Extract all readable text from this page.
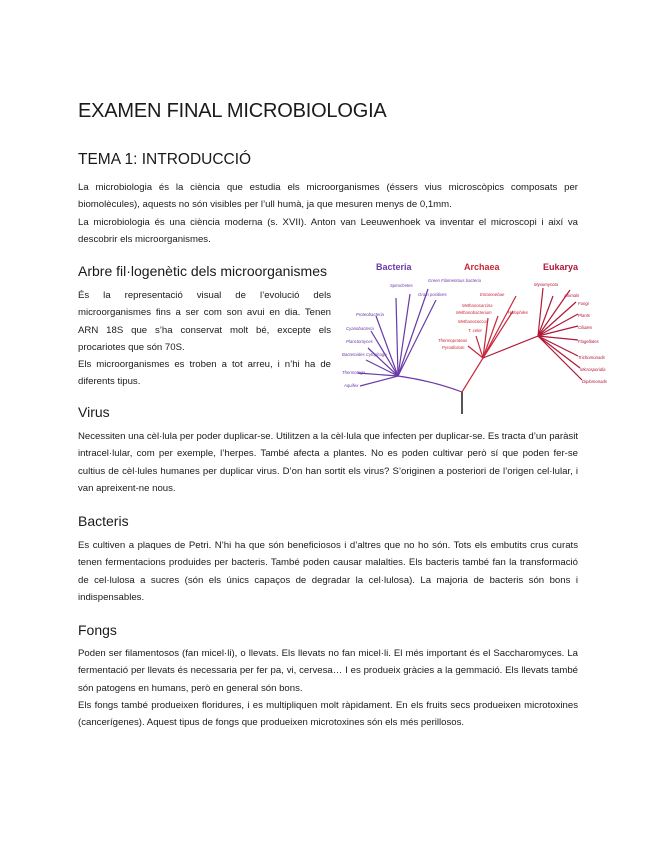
EXAMEN FINAL MICROBIOLOGIA
TEMA 1: INTRODUCCIÓ

La microbiologia és la ciència que estudia els microorganismes (éssers vius microscòpics composats per biomolècules), aquests no són visibles per l’ull humà, ja que mesuren menys de 0,1mm.

La microbiologia és una ciència moderna (s. XVII). Anton van Leeuwenhoek va inventar el microscopi i així va descobrir els microorganismes.

Arbre fil·logenètic dels microorganismes

És la representació visual de l’evolució dels microorganismes fins a ser com son avui en dia. Tenen ARN 18S que s’ha conservat molt bé, excepte els procariotes que són 70S.

Els microorganismes es troben a tot arreu, i n’hi ha de diferents tipus.

Bacteria	Archaea	Eukarya
Green Filamentous bacteria
Spirochetes
Gram positives
Proteobacteria
Cyanobacteria
Planctomyces
Bacteroides Cytophaga
Thermotoga
Aquifex
Entamoebae
Methanosarcina
Methanobacterium
Methanococcus
Halophiles
T. celer
Thermoproteus
Pyrodictium
Myxomycota
Animals
Fungi
Plants
Ciliates
Flagellates
Trichomonads
Microsporidia
Diplomonads
Virus

Necessiten una cèl·lula per poder duplicar-se. Utilitzen a la cèl·lula que infecten per duplicar-se. Es tracta d’un paràsit intracel·lular, com per exemple, l’herpes. També afecta a plantes. No es poden cultivar però sí que poden fer-se cultius de cèl·lules humanes per duplicar virus. D’on han sortit els virus? S’originen a posteriori de l’origen cel·lular, i van apreixent-ne nous.

Bacteris

Es cultiven a plaques de Petri. N’hi ha que són beneficiosos i d’altres que no ho són. Tots els embutits crus curats tenen fermentacions produides per bacteris. També poden causar malalties. Els bacteris també fan la transformació de cel·lulosa a sucres (són els únics capaços de degradar la cel·lulosa). La majoria de bacteris són bons i indispensables.

Fongs

Poden ser filamentosos (fan micel·li), o llevats. Els llevats no fan micel·li. El més important és el Saccharomyces. La fermentació per llevats és necessaria per fer pa, vi, cervesa… I es produeix gràcies a la gemmació. Els llevats també són patogens en humans, però en general són bons.

Els fongs també produeixen floridures, i es multipliquen molt ràpidament. En els fruits secs produeixen microtoxines (cancerígenes). Aquest tipus de fongs que produeixen microtoxines són els més perillosos.
